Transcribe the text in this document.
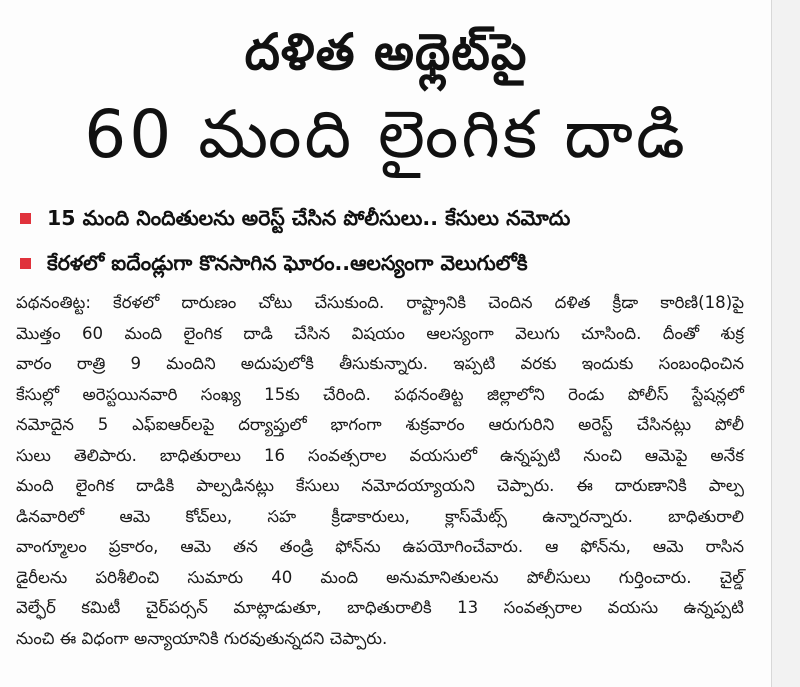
దళిత అథ్లెట్‌పై
60 మంది లైంగిక దాడి
15 మంది నిందితులను అరెస్ట్ చేసిన పోలీసులు.. కేసులు నమోదు
కేరళలో ఐదేండ్లుగా కొనసాగిన ఘోరం..ఆలస్యంగా వెలుగులోకి
పథనంతిట్ట: కేరళలో దారుణం చోటు చేసుకుంది. రాష్ట్రానికి చెందిన దళిత క్రీడా కారిణి(18)పై
మొత్తం 60 మంది లైంగిక దాడి చేసిన విషయం ఆలస్యంగా వెలుగు చూసింది. దీంతో శుక్ర
వారం రాత్రి 9 మందిని అదుపులోకి తీసుకున్నారు. ఇప్పటి వరకు ఇందుకు సంబంధించిన
కేసుల్లో అరెస్టయినవారి సంఖ్య 15కు చేరింది. పథనంతిట్ట జిల్లాలోని రెండు పోలీస్ స్టేషన్లలో
నమోదైన 5 ఎఫ్ఐఆర్‌లపై దర్యాప్తులో భాగంగా శుక్రవారం ఆరుగురిని అరెస్ట్ చేసినట్లు పోలీ
సులు తెలిపారు. బాధితురాలు 16 సంవత్సరాల వయసులో ఉన్నప్పటి నుంచి ఆమెపై అనేక
మంది లైంగిక దాడికి పాల్పడినట్లు కేసులు నమోదయ్యాయని చెప్పారు. ఈ దారుణానికి పాల్ప
డినవారిలో ఆమె కోచ్‌లు, సహ క్రీడాకారులు, క్లాస్‌మేట్స్ ఉన్నారన్నారు. బాధితురాలి
వాంగ్మూలం ప్రకారం, ఆమె తన తండ్రి ఫోన్‌ను ఉపయోగించేవారు. ఆ ఫోన్‌ను, ఆమె రాసిన
డైరీలను పరిశీలించి సుమారు 40 మంది అనుమానితులను పోలీసులు గుర్తించారు. చైల్డ్
వెల్ఫేర్ కమిటీ చైర్‌పర్సన్ మాట్లాడుతూ, బాధితురాలికి 13 సంవత్సరాల వయసు ఉన్నప్పటి
నుంచి ఈ విధంగా అన్యాయానికి గురవుతున్నదని చెప్పారు.
